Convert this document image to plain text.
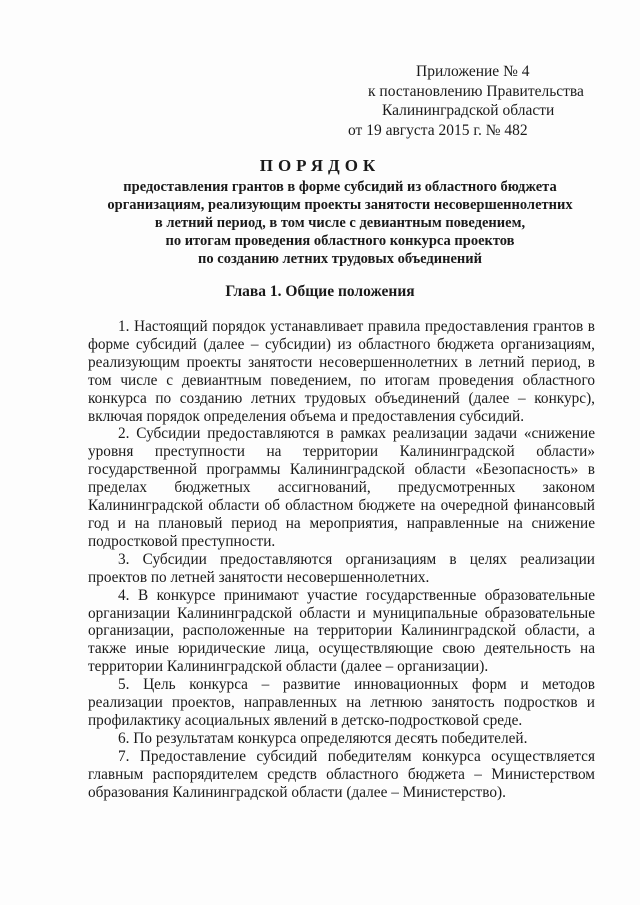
Приложение № 4
к постановлению Правительства
Калининградской области
от 19 августа 2015 г. № 482
ПОРЯДОК
предоставления грантов в форме субсидий из областного бюджета
организациям, реализующим проекты занятости несовершеннолетних
в летний период, в том числе с девиантным поведением,
по итогам проведения областного конкурса проектов
по созданию летних трудовых объединений
Глава 1. Общие положения

1. Настоящий порядок устанавливает правила предоставления грантов в форме субсидий (далее – субсидии) из областного бюджета организациям, реализующим проекты занятости несовершеннолетних в летний период, в том числе с девиантным поведением, по итогам проведения областного конкурса по созданию летних трудовых объединений (далее – конкурс), включая порядок определения объема и предоставления субсидий.

2. Субсидии предоставляются в рамках реализации задачи «снижение уровня преступности на территории Калининградской области» государственной программы Калининградской области «Безопасность» в пределах бюджетных ассигнований, предусмотренных законом Калининградской области об областном бюджете на очередной финансовый год и на плановый период на мероприятия, направленные на снижение подростковой преступности.

3. Субсидии предоставляются организациям в целях реализации проектов по летней занятости несовершеннолетних.

4. В конкурсе принимают участие государственные образовательные организации Калининградской области и муниципальные образовательные организации, расположенные на территории Калининградской области, а также иные юридические лица, осуществляющие свою деятельность на территории Калининградской области (далее – организации).

5. Цель конкурса – развитие инновационных форм и методов реализации проектов, направленных на летнюю занятость подростков и профилактику асоциальных явлений в детско-подростковой среде.

6. По результатам конкурса определяются десять победителей.

7. Предоставление субсидий победителям конкурса осуществляется главным распорядителем средств областного бюджета – Министерством образования Калининградской области (далее – Министерство).
